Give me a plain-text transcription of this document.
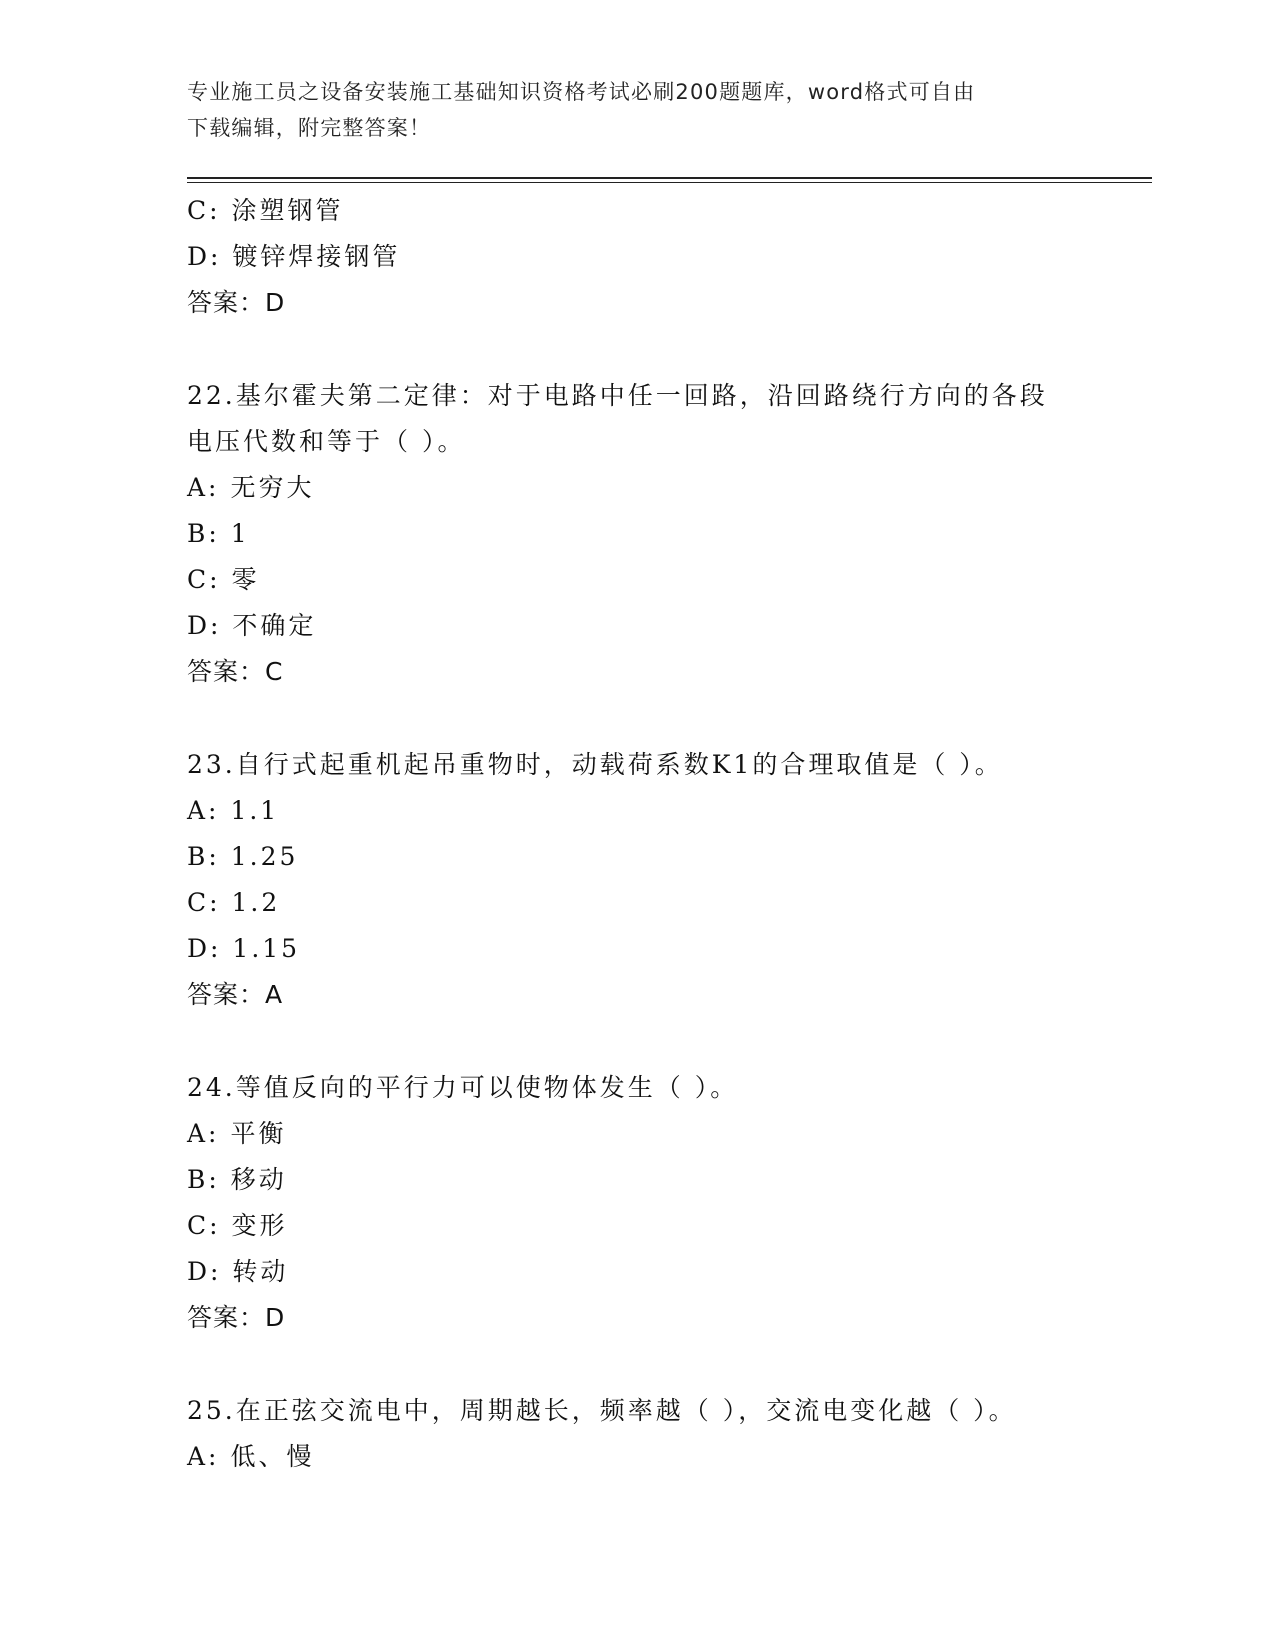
专业施工员之设备安装施工基础知识资格考试必刷200题题库，word格式可自由
下载编辑，附完整答案！
C: 涂塑钢管
D: 镀锌焊接钢管
答案：D
22.基尔霍夫第二定律：对于电路中任一回路，沿回路绕行方向的各段
电压代数和等于（ ）。
A: 无穷大
B: 1
C: 零
D: 不确定
答案：C
23.自行式起重机起吊重物时，动载荷系数K1的合理取值是（ ）。
A: 1.1
B: 1.25
C: 1.2
D: 1.15
答案：A
24.等值反向的平行力可以使物体发生（ ）。
A: 平衡
B: 移动
C: 变形
D: 转动
答案：D
25.在正弦交流电中，周期越长，频率越（ ），交流电变化越（ ）。
A: 低、慢
